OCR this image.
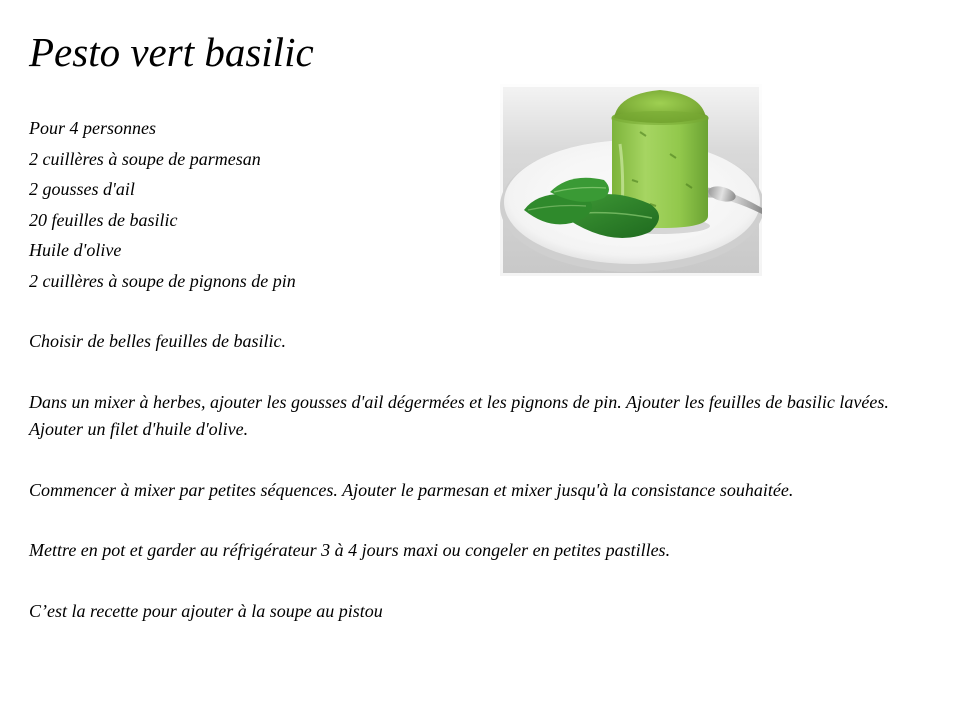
Pesto vert basilic
Pour 4 personnes
2 cuillères à soupe de parmesan
2 gousses d'ail
20 feuilles de basilic
Huile d'olive
2 cuillères à soupe de pignons de pin

Choisir de belles feuilles de basilic.

Dans un mixer à herbes, ajouter les gousses d'ail dégermées et les pignons de pin. Ajouter les feuilles de basilic lavées. Ajouter un filet d'huile d'olive.

Commencer à mixer par petites séquences. Ajouter le parmesan et mixer jusqu'à la consistance souhaitée.

Mettre en pot et garder au réfrigérateur 3 à 4 jours maxi ou congeler en petites pastilles.

C’est la recette pour ajouter à la soupe au pistou
